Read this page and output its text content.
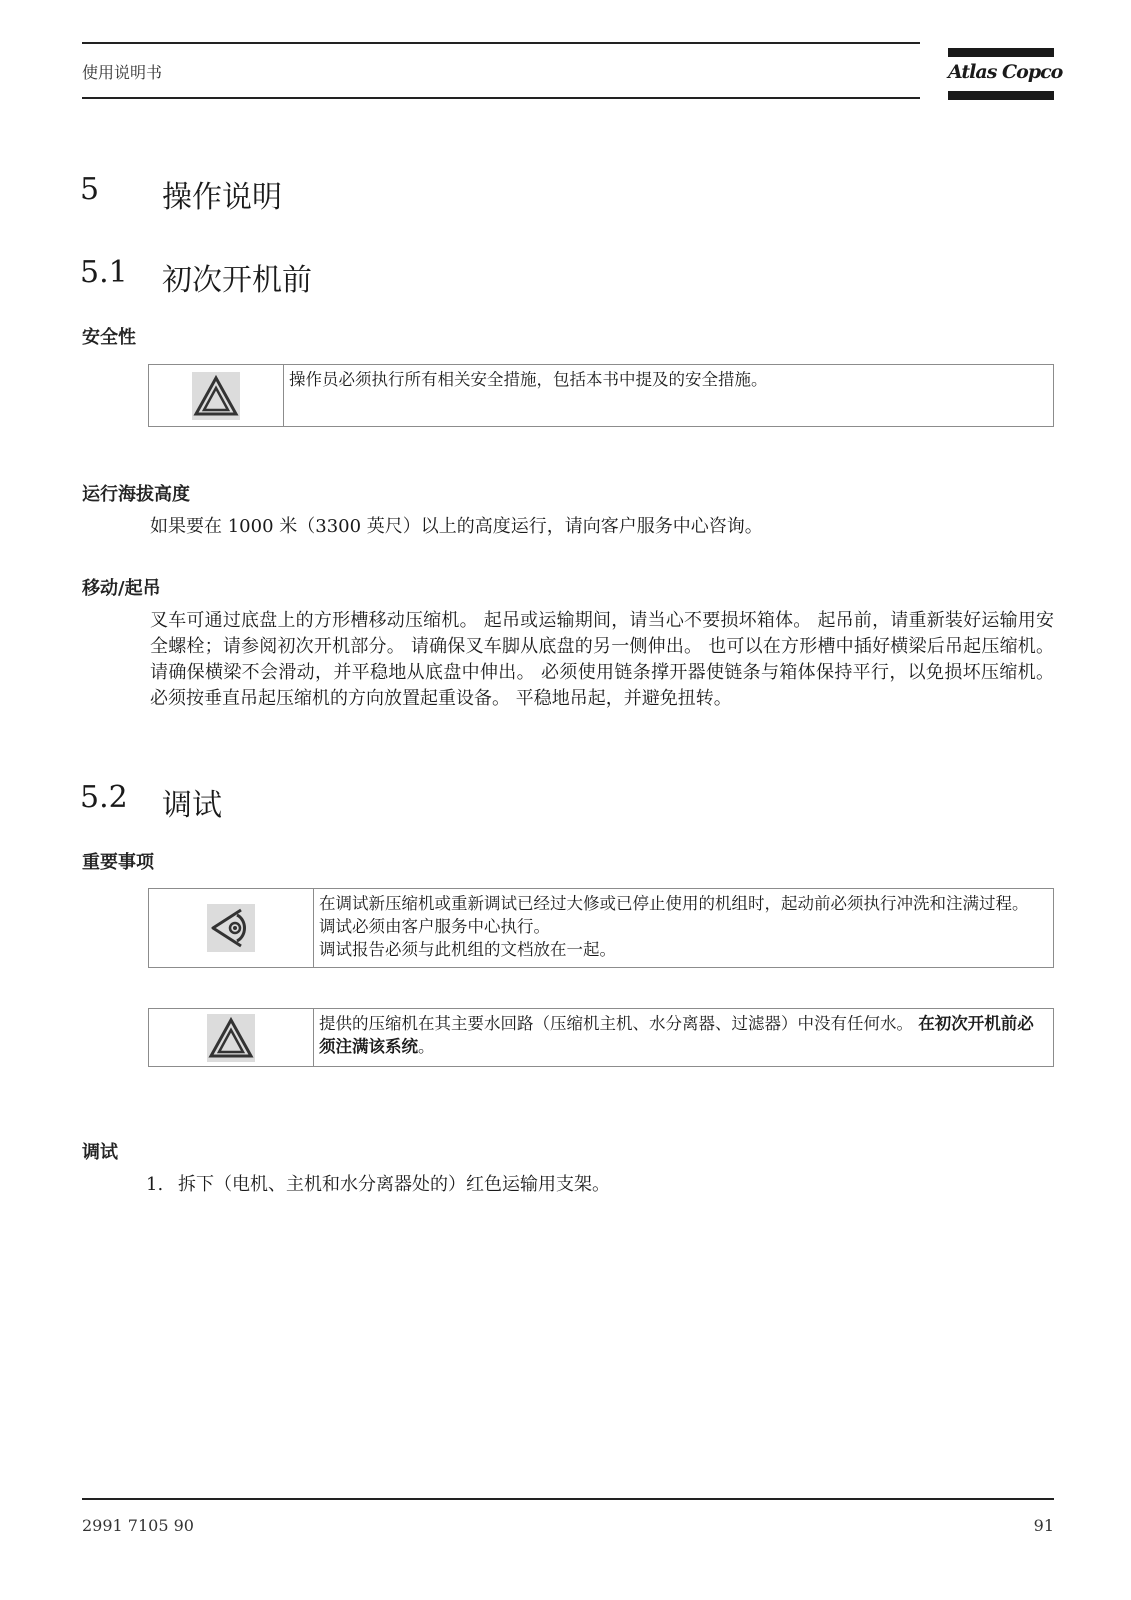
使用说明书	Atlas Copco
5 操作说明
5.1 初次开机前
安全性
操作员必须执行所有相关安全措施，包括本书中提及的安全措施。
运行海拔高度
如果要在 1000 米（3300 英尺）以上的高度运行，请向客户服务中心咨询。
移动/起吊
叉车可通过底盘上的方形槽移动压缩机。 起吊或运输期间，请当心不要损坏箱体。 起吊前，请重新装好运输用安全螺栓；请参阅初次开机部分。 请确保叉车脚从底盘的另一侧伸出。 也可以在方形槽中插好横梁后吊起压缩机。 请确保横梁不会滑动，并平稳地从底盘中伸出。 必须使用链条撑开器使链条与箱体保持平行，以免损坏压缩机。 必须按垂直吊起压缩机的方向放置起重设备。 平稳地吊起，并避免扭转。
5.2 调试
重要事项
在调试新压缩机或重新调试已经过大修或已停止使用的机组时，起动前必须执行冲洗和注满过程。 调试必须由客户服务中心执行。
调试报告必须与此机组的文档放在一起。
提供的压缩机在其主要水回路（压缩机主机、水分离器、过滤器）中没有任何水。 在初次开机前必须注满该系统。
调试
1. 拆下（电机、主机和水分离器处的）红色运输用支架。
2991 7105 90	91
